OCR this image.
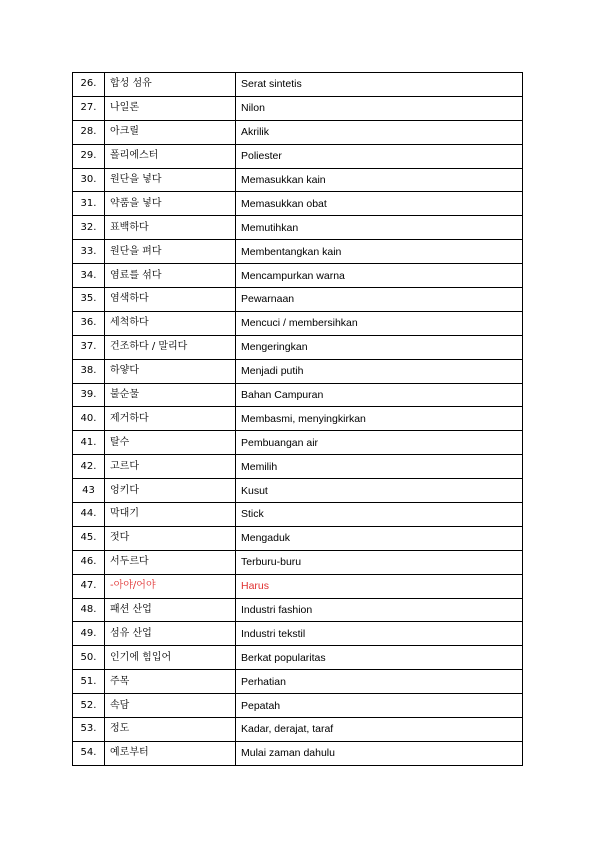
26.	합성 섬유	Serat sintetis
27.	나일론	Nilon
28.	아크릴	Akrilik
29.	폴리에스터	Poliester
30.	원단을 넣다	Memasukkan kain
31.	약품을 넣다	Memasukkan obat
32.	표백하다	Memutihkan
33.	원단을 펴다	Membentangkan kain
34.	염료를 섞다	Mencampurkan warna
35.	염색하다	Pewarnaan
36.	세척하다	Mencuci / membersihkan
37.	건조하다 / 말리다	Mengeringkan
38.	하얗다	Menjadi putih
39.	불순물	Bahan Campuran
40.	제거하다	Membasmi, menyingkirkan
41.	탈수	Pembuangan air
42.	고르다	Memilih
43	엉키다	Kusut
44.	막대기	Stick
45.	젓다	Mengaduk
46.	서두르다	Terburu-buru
47.	-아야/어야	Harus
48.	패션 산업	Industri fashion
49.	섬유 산업	Industri tekstil
50.	인기에 힘입어	Berkat popularitas
51.	주목	Perhatian
52.	속담	Pepatah
53.	정도	Kadar, derajat, taraf
54.	예로부터	Mulai zaman dahulu
